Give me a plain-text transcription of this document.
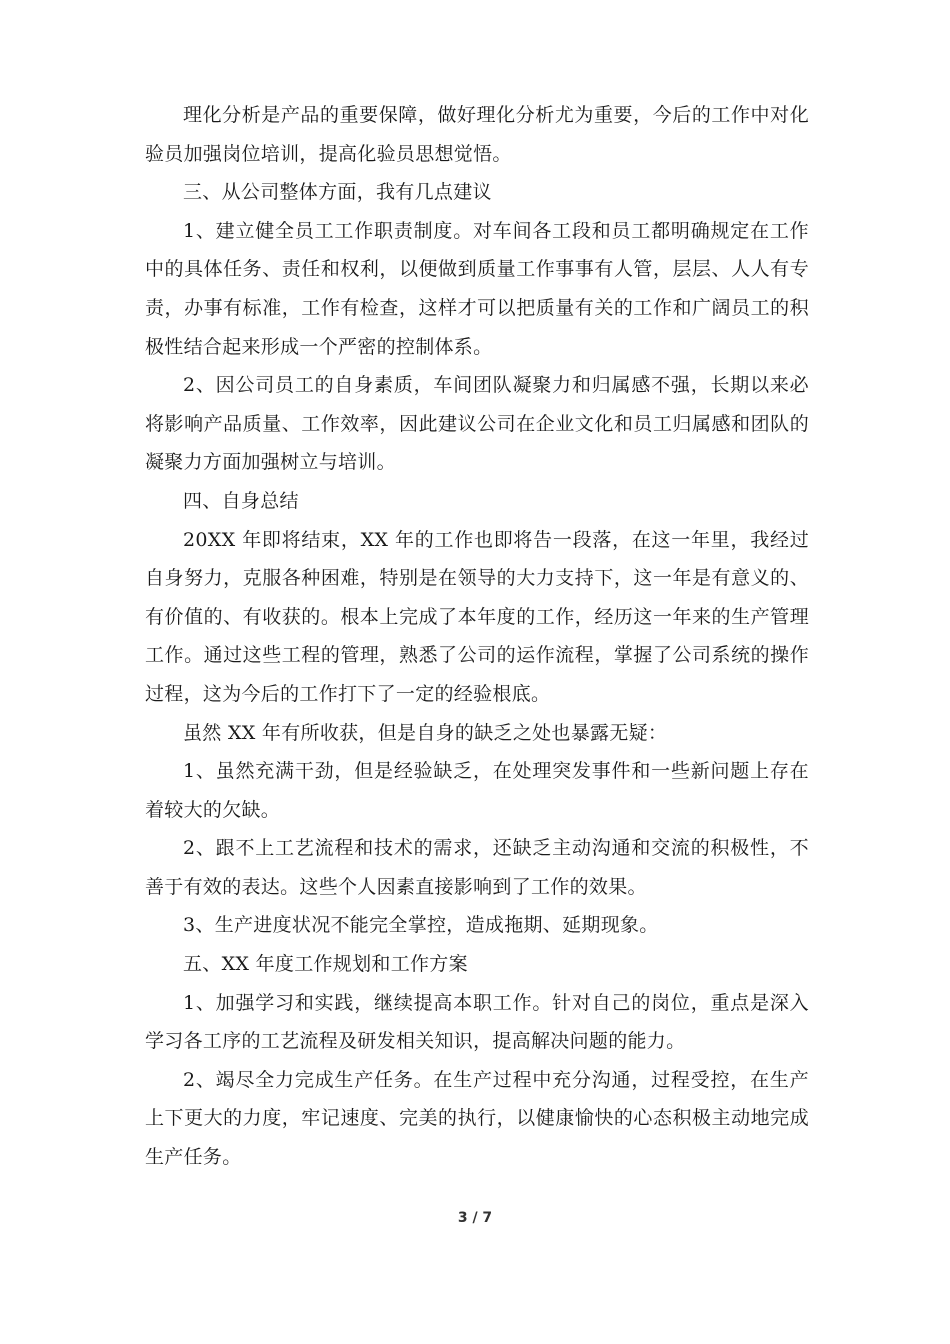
理化分析是产品的重要保障，做好理化分析尤为重要，今后的工作中对化验员加强岗位培训，提高化验员思想觉悟。

三、从公司整体方面，我有几点建议

1、建立健全员工工作职责制度。对车间各工段和员工都明确规定在工作中的具体任务、责任和权利，以便做到质量工作事事有人管，层层、人人有专责，办事有标准，工作有检查，这样才可以把质量有关的工作和广阔员工的积极性结合起来形成一个严密的控制体系。

2、因公司员工的自身素质，车间团队凝聚力和归属感不强，长期以来必将影响产品质量、工作效率，因此建议公司在企业文化和员工归属感和团队的凝聚力方面加强树立与培训。

四、自身总结

20XX 年即将结束，XX 年的工作也即将告一段落，在这一年里，我经过自身努力，克服各种困难，特别是在领导的大力支持下，这一年是有意义的、有价值的、有收获的。根本上完成了本年度的工作，经历这一年来的生产管理工作。通过这些工程的管理，熟悉了公司的运作流程，掌握了公司系统的操作过程，这为今后的工作打下了一定的经验根底。

虽然 XX 年有所收获，但是自身的缺乏之处也暴露无疑：

1、虽然充满干劲，但是经验缺乏，在处理突发事件和一些新问题上存在着较大的欠缺。

2、跟不上工艺流程和技术的需求，还缺乏主动沟通和交流的积极性，不善于有效的表达。这些个人因素直接影响到了工作的效果。

3、生产进度状况不能完全掌控，造成拖期、延期现象。

五、XX 年度工作规划和工作方案

1、加强学习和实践，继续提高本职工作。针对自己的岗位，重点是深入学习各工序的工艺流程及研发相关知识，提高解决问题的能力。

2、竭尽全力完成生产任务。在生产过程中充分沟通，过程受控，在生产上下更大的力度，牢记速度、完美的执行，以健康愉快的心态积极主动地完成生产任务。

3 / 7
